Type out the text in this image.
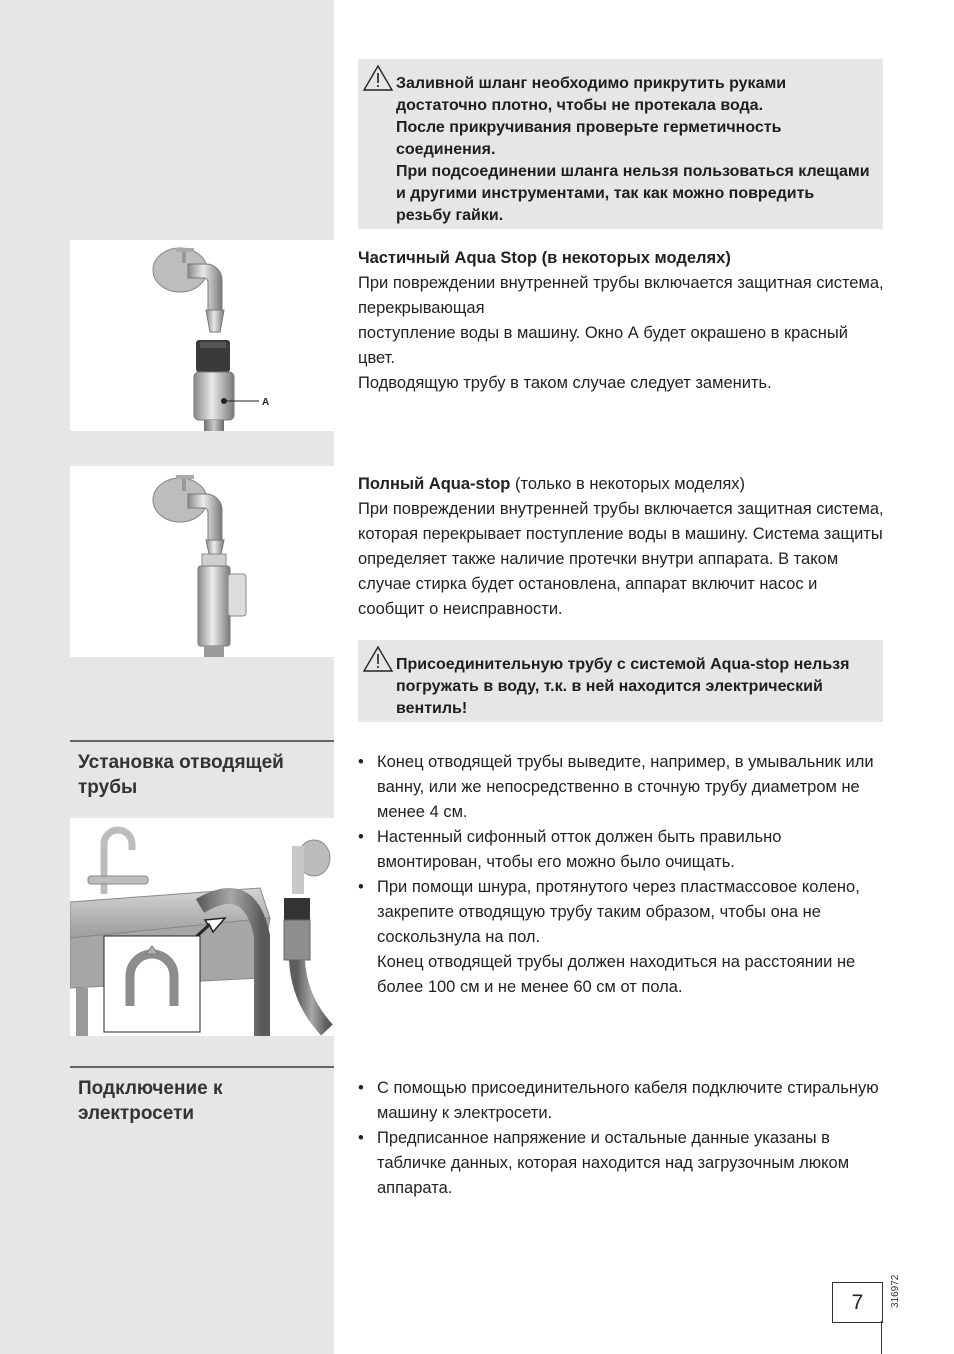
Заливной шланг необходимо прикрутить руками достаточно плотно, чтобы не протекала вода.

После прикручивания проверьте герметичность соединения.

При подсоединении шланга нельзя пользоваться клещами и другими инструментами, так как можно повредить резьбу гайки.

A

Частичный Aqua Stop (в некоторых моделях)

При повреждении внутренней трубы включается защитная система, перекрывающая

поступление воды в машину. Окно А будет окрашено в красный цвет.

Подводящую трубу в таком случае следует заменить.

Полный Aqua-stop (только в некоторых моделях)

При повреждении внутренней трубы включается защитная система, которая перекрывает поступление воды в машину. Система защиты определяет также наличие протечки внутри аппарата. В таком случае стирка будет остановлена, аппарат включит насос и сообщит о неисправности.

Присоединительную трубу с системой Aqua-stop нельзя погружать в воду, т.к. в ней находится электрический вентиль!
Установка отводящей трубы
• Конец отводящей трубы выведите, например, в умывальник или ванну, или же непосредственно в сточную трубу диаметром не менее 4 см.
• Настенный сифонный отток должен быть правильно вмонтирован, чтобы его можно было очищать.
• При помощи шнура, протянутого через пластмассовое колено, закрепите отводящую трубу таким образом, чтобы она не соскользнула на пол.

Конец отводящей трубы должен находиться на расстоянии не более 100 см и не менее 60 см от пола.

Подключение к электросети
• С помощью присоединительного кабеля подключите стиральную машину к электросети.
• Предписанное напряжение и остальные данные указаны в табличке данных, которая находится над загрузочным люком аппарата.
316972
7
